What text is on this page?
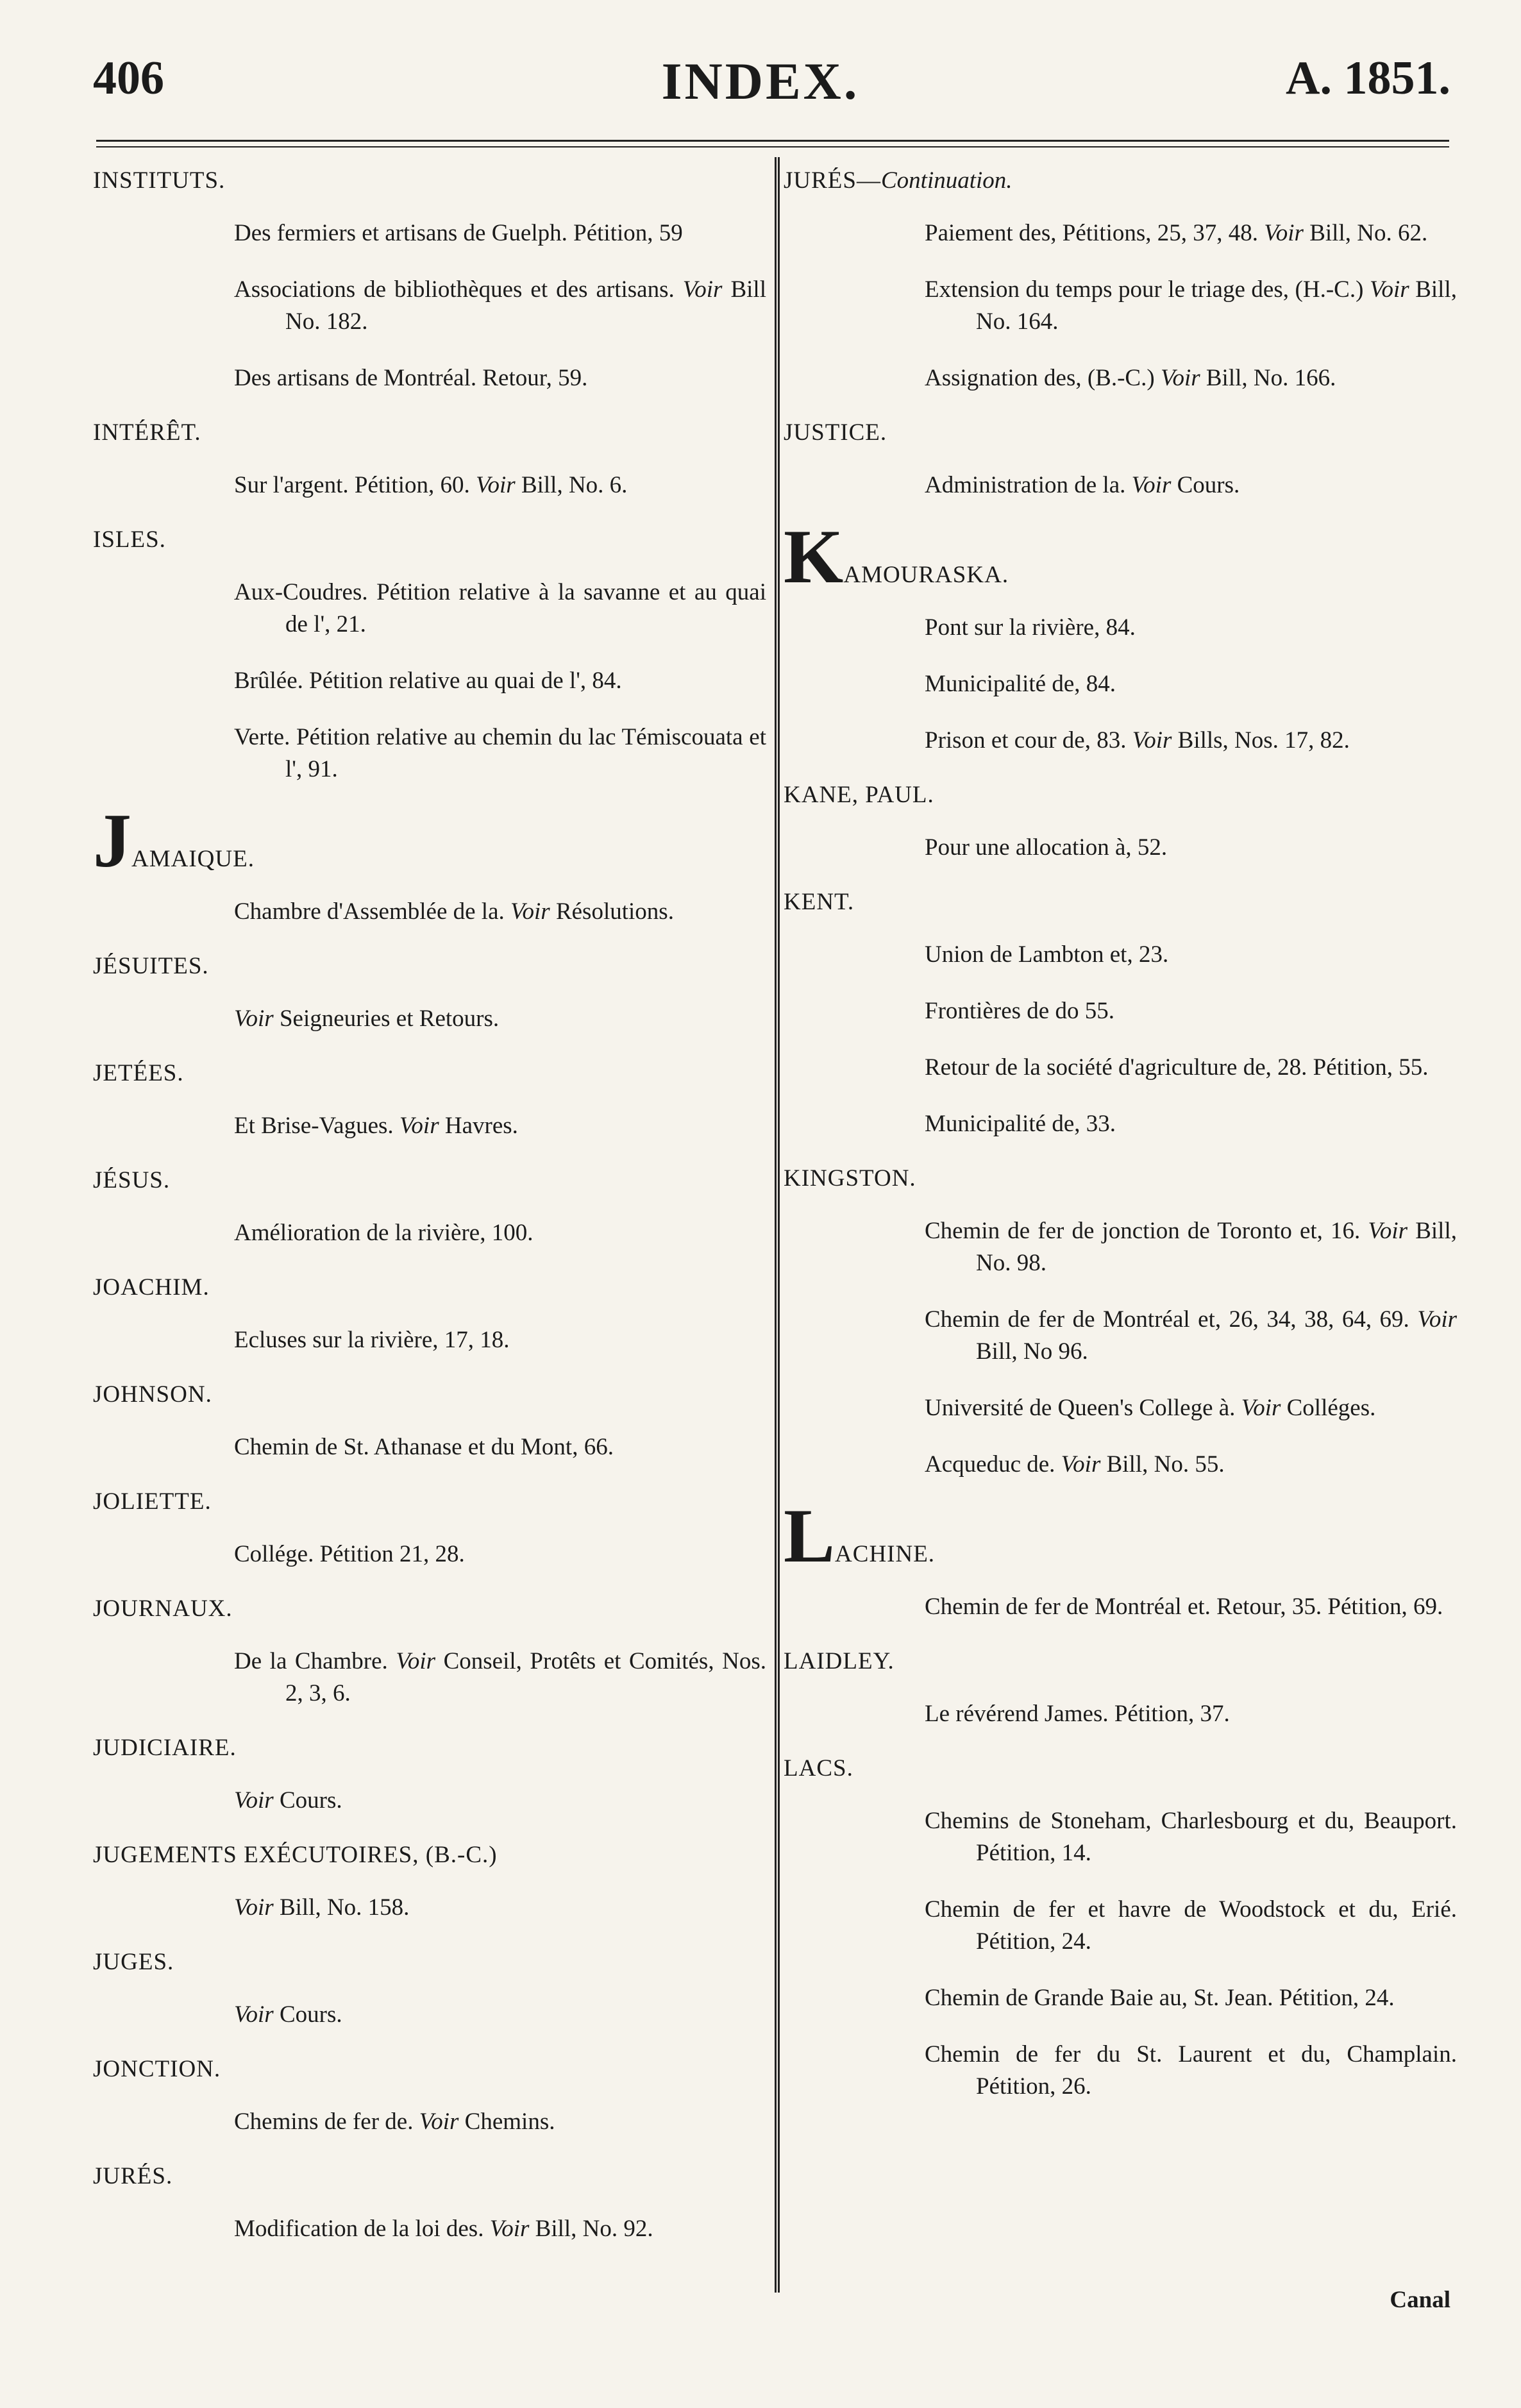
406	INDEX.	A. 1851.
INSTITUTS.
Des fermiers et artisans de Guelph. Pétition, 59
Associations de bibliothèques et des artisans. Voir Bill No. 182.
Des artisans de Montréal. Retour, 59.
INTÉRÊT.
Sur l'argent. Pétition, 60. Voir Bill, No. 6.
ISLES.
Aux-Coudres. Pétition relative à la savanne et au quai de l', 21.
Brûlée. Pétition relative au quai de l', 84.
Verte. Pétition relative au chemin du lac Témiscouata et l', 91.
JAMAIQUE.
Chambre d'Assemblée de la. Voir Résolutions.
JÉSUITES.
Voir Seigneuries et Retours.
JETÉES.
Et Brise-Vagues. Voir Havres.
JÉSUS.
Amélioration de la rivière, 100.
JOACHIM.
Ecluses sur la rivière, 17, 18.
JOHNSON.
Chemin de St. Athanase et du Mont, 66.
JOLIETTE.
Collége. Pétition 21, 28.
JOURNAUX.
De la Chambre. Voir Conseil, Protêts et Comités, Nos. 2, 3, 6.
JUDICIAIRE.
Voir Cours.
JUGEMENTS EXÉCUTOIRES, (B.-C.)
Voir Bill, No. 158.
JUGES.
Voir Cours.
JONCTION.
Chemins de fer de. Voir Chemins.
JURÉS.
Modification de la loi des. Voir Bill, No. 92.
JURÉS—Continuation.
Paiement des, Pétitions, 25, 37, 48. Voir Bill, No. 62.
Extension du temps pour le triage des, (H.-C.) Voir Bill, No. 164.
Assignation des, (B.-C.) Voir Bill, No. 166.
JUSTICE.
Administration de la. Voir Cours.
KAMOURASKA.
Pont sur la rivière, 84.
Municipalité de, 84.
Prison et cour de, 83. Voir Bills, Nos. 17, 82.
KANE, PAUL.
Pour une allocation à, 52.
KENT.
Union de Lambton et, 23.
Frontières de do 55.
Retour de la société d'agriculture de, 28. Pétition, 55.
Municipalité de, 33.
KINGSTON.
Chemin de fer de jonction de Toronto et, 16. Voir Bill, No. 98.
Chemin de fer de Montréal et, 26, 34, 38, 64, 69. Voir Bill, No 96.
Université de Queen's College à. Voir Colléges.
Acqueduc de. Voir Bill, No. 55.
LACHINE.
Chemin de fer de Montréal et. Retour, 35. Pétition, 69.
LAIDLEY.
Le révérend James. Pétition, 37.
LACS.
Chemins de Stoneham, Charlesbourg et du, Beauport. Pétition, 14.
Chemin de fer et havre de Woodstock et du, Erié. Pétition, 24.
Chemin de Grande Baie au, St. Jean. Pétition, 24.
Chemin de fer du St. Laurent et du, Champlain. Pétition, 26.
Canal
